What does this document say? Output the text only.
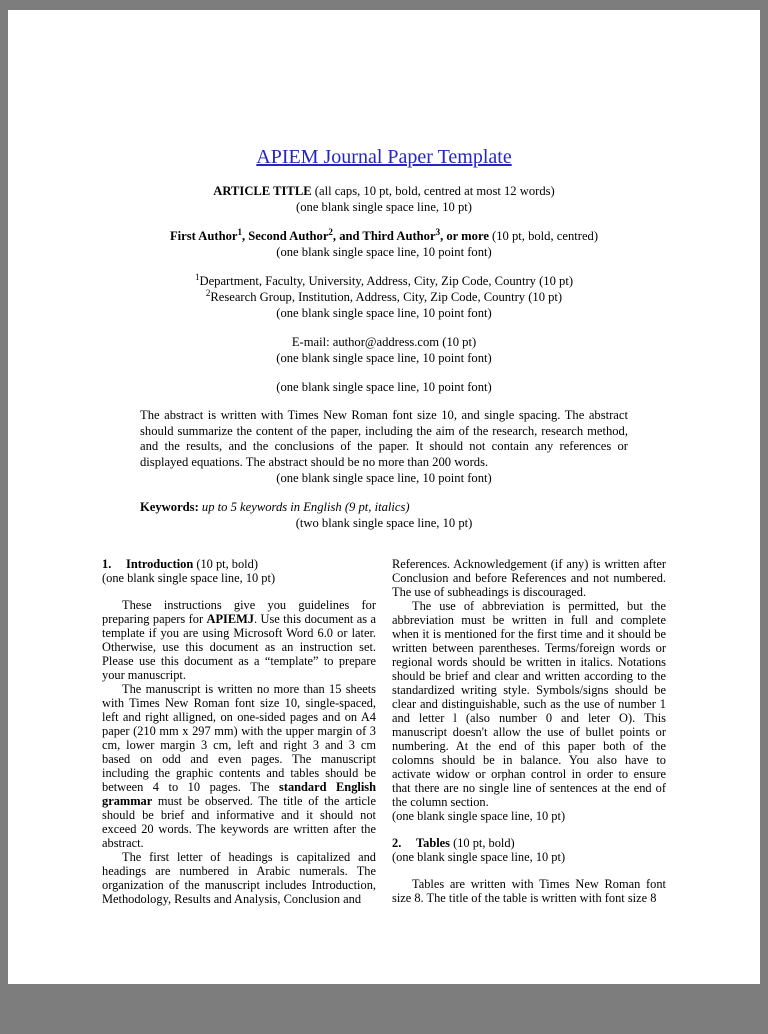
APIEM Journal Paper Template
ARTICLE TITLE (all caps, 10 pt, bold, centred at most 12 words)
(one blank single space line, 10 pt)
First Author$^1$, Second Author$^2$, and Third Author$^3$, or more (10 pt, bold, centred)
(one blank single space line, 10 point font)
$^1$Department, Faculty, University, Address, City, Zip Code, Country (10 pt)
$^2$Research Group, Institution, Address, City, Zip Code, Country (10 pt)
(one blank single space line, 10 point font)
E-mail: author@address.com (10 pt)
(one blank single space line, 10 point font)
(one blank single space line, 10 point font)
The abstract is written with Times New Roman font size 10, and single spacing. The abstract should summarize the content of the paper, including the aim of the research, research method, and the results, and the conclusions of the paper. It should not contain any references or displayed equations. The abstract should be no more than 200 words.
(one blank single space line, 10 point font)
Keywords: up to 5 keywords in English (9 pt, italics)
(two blank single space line, 10 pt)
1. Introduction (10 pt, bold)
(one blank single space line, 10 pt)
These instructions give you guidelines for preparing papers for APIEMJ. Use this document as a template if you are using Microsoft Word 6.0 or later. Otherwise, use this document as an instruction set. Please use this document as a “template” to prepare your manuscript.
The manuscript is written no more than 15 sheets with Times New Roman font size 10, single-spaced, left and right alligned, on one-sided pages and on A4 paper (210 mm x 297 mm) with the upper margin of 3 cm, lower margin 3 cm, left and right 3 and 3 cm based on odd and even pages. The manuscript including the graphic contents and tables should be between 4 to 10 pages. The standard English grammar must be observed. The title of the article should be brief and informative and it should not exceed 20 words. The keywords are written after the abstract.
The first letter of headings is capitalized and headings are numbered in Arabic numerals. The organization of the manuscript includes Introduction, Methodology, Results and Analysis, Conclusion and
References. Acknowledgement (if any) is written after Conclusion and before References and not numbered. The use of subheadings is discouraged.
The use of abbreviation is permitted, but the abbreviation must be written in full and complete when it is mentioned for the first time and it should be written between parentheses. Terms/foreign words or regional words should be written in italics. Notations should be brief and clear and written according to the standardized writing style. Symbols/signs should be clear and distinguishable, such as the use of number 1 and letter l (also number 0 and leter O). This manuscript doesn't allow the use of bullet points or numbering. At the end of this paper both of the colomns should be in balance. You also have to activate widow or orphan control in order to ensure that there are no single line of sentences at the end of the column section.
(one blank single space line, 10 pt)
2. Tables (10 pt, bold)
(one blank single space line, 10 pt)
Tables are written with Times New Roman font size 8. The title of the table is written with font size 8
